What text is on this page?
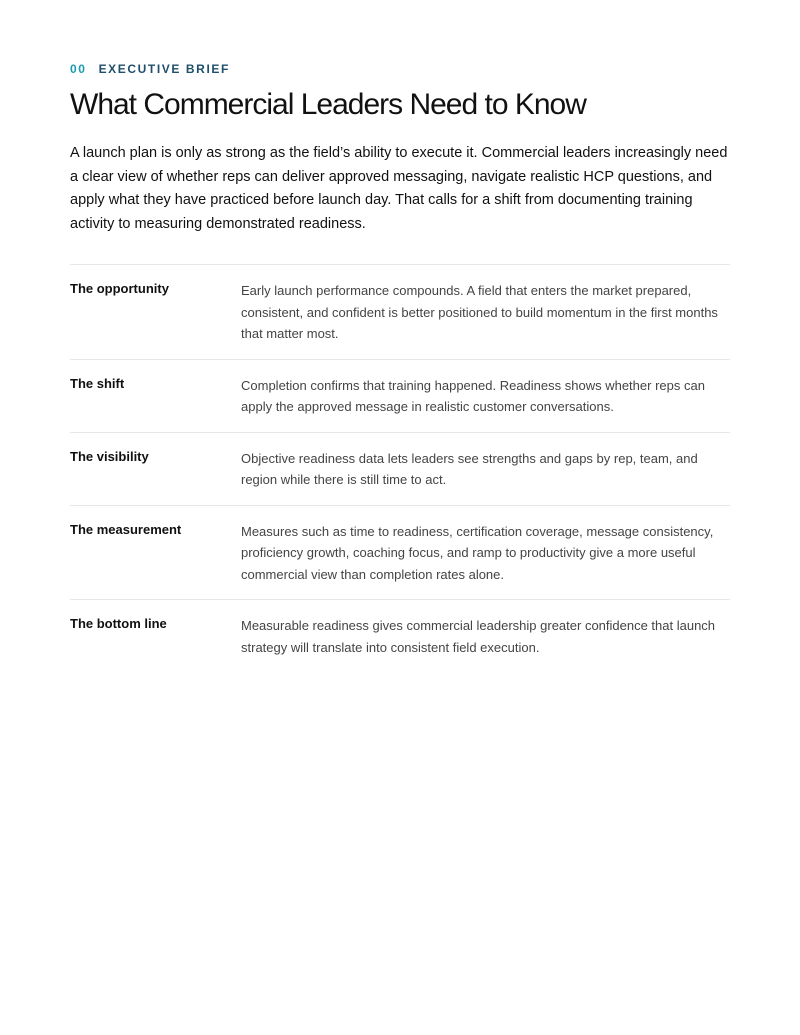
00 EXECUTIVE BRIEF
What Commercial Leaders Need to Know

A launch plan is only as strong as the field’s ability to execute it. Commercial leaders increasingly need a clear view of whether reps can deliver approved messaging, navigate realistic HCP questions, and apply what they have practiced before launch day. That calls for a shift from documenting training activity to measuring demonstrated readiness.

The opportunity	Early launch performance compounds. A field that enters the market prepared, consistent, and confident is better positioned to build momentum in the first months that matter most.
The shift	Completion confirms that training happened. Readiness shows whether reps can apply the approved message in realistic customer conversations.
The visibility	Objective readiness data lets leaders see strengths and gaps by rep, team, and region while there is still time to act.
The measurement	Measures such as time to readiness, certification coverage, message consistency, proficiency growth, coaching focus, and ramp to productivity give a more useful commercial view than completion rates alone.
The bottom line	Measurable readiness gives commercial leadership greater confidence that launch strategy will translate into consistent field execution.
